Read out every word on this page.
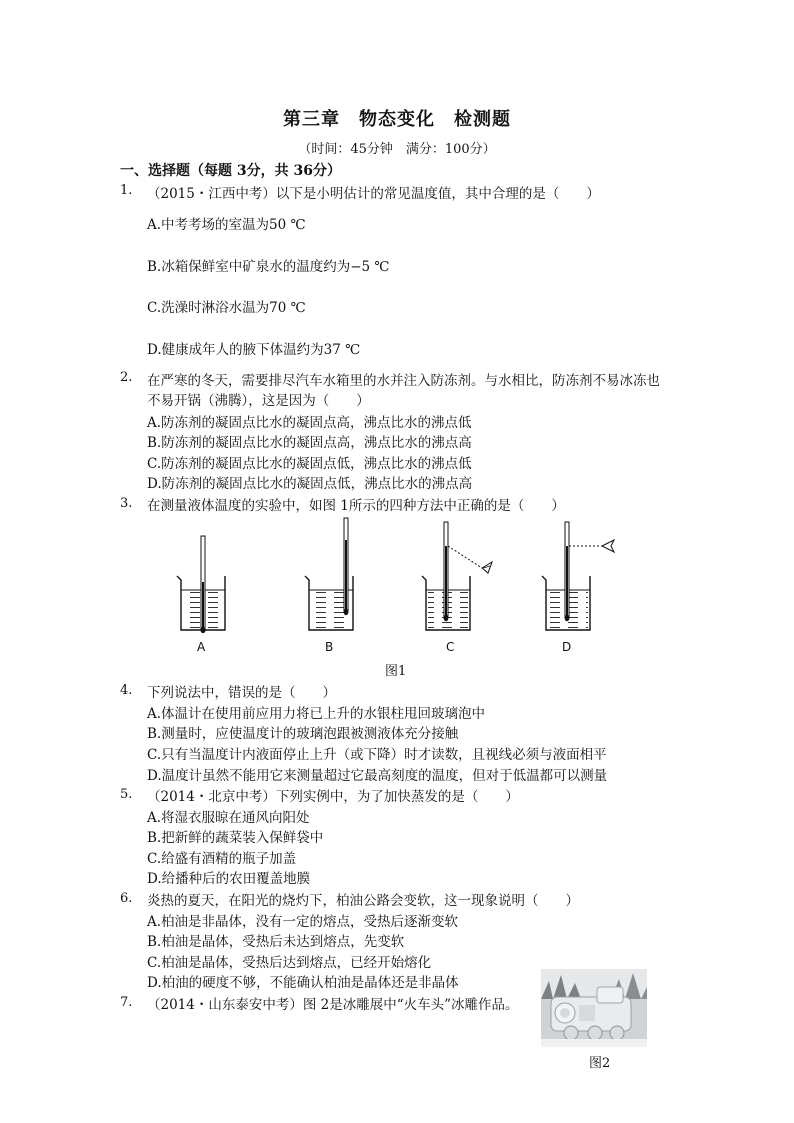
第三章　物态变化　检测题
（时间：45分钟　满分：100分）
一、选择题（每题 3分，共 36分）
1. （2015・江西中考）以下是小明估计的常见温度值，其中合理的是（　　）
A.中考考场的室温为50 ℃
B.冰箱保鲜室中矿泉水的温度约为−5 ℃
C.洗澡时淋浴水温为70 ℃
D.健康成年人的腋下体温约为37 ℃
2. 在严寒的冬天，需要排尽汽车水箱里的水并注入防冻剂。与水相比，防冻剂不易冰冻也
不易开锅（沸腾），这是因为（　　）
A.防冻剂的凝固点比水的凝固点高，沸点比水的沸点低
B.防冻剂的凝固点比水的凝固点高，沸点比水的沸点高
C.防冻剂的凝固点比水的凝固点低，沸点比水的沸点低
D.防冻剂的凝固点比水的凝固点低，沸点比水的沸点高
3. 在测量液体温度的实验中，如图 1所示的四种方法中正确的是（　　）
A	B	C	D
图1
4. 下列说法中，错误的是（　　）
A.体温计在使用前应用力将已上升的水银柱甩回玻璃泡中
B.测量时，应使温度计的玻璃泡跟被测液体充分接触
C.只有当温度计内液面停止上升（或下降）时才读数，且视线必须与液面相平
D.温度计虽然不能用它来测量超过它最高刻度的温度，但对于低温都可以测量
5. （2014・北京中考）下列实例中，为了加快蒸发的是（　　）
A.将湿衣服晾在通风向阳处
B.把新鲜的蔬菜装入保鲜袋中
C.给盛有酒精的瓶子加盖
D.给播种后的农田覆盖地膜
6. 炎热的夏天，在阳光的烧灼下，柏油公路会变软，这一现象说明（　　）
A.柏油是非晶体，没有一定的熔点，受热后逐渐变软
B.柏油是晶体，受热后未达到熔点，先变软
C.柏油是晶体，受热后达到熔点，已经开始熔化
D.柏油的硬度不够，不能确认柏油是晶体还是非晶体
7. （2014・山东泰安中考）图 2是冰雕展中“火车头”冰雕作品。
图2
